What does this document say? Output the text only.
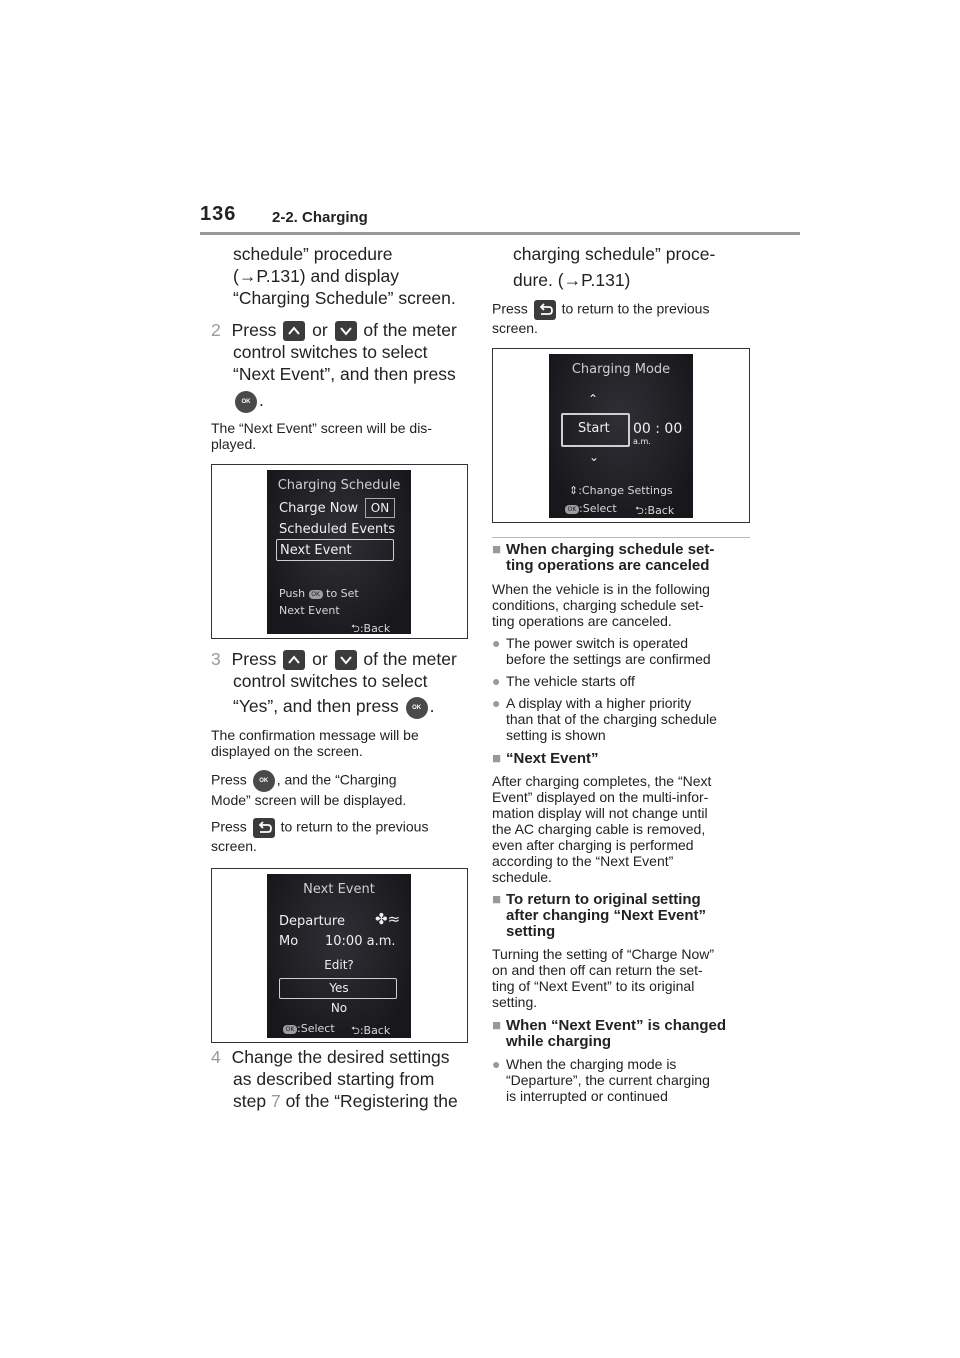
136 2-2. Charging
schedule” procedure
(→P.131) and display
“Charging Schedule” screen.
2 Press or of the meter
control switches to select
“Next Event”, and then press
OK .
The “Next Event” screen will be dis-
played.
Charging Schedule
Charge Now	ON
Scheduled Events
Next Event
Push OK to Set
Next Event
⮌:Back
3 Press or of the meter
control switches to select
“Yes”, and then press OK .
The confirmation message will be
displayed on the screen.
Press OK , and the “Charging
Mode” screen will be displayed.
Press to return to the previous
screen.
Next Event
Departure ✤≈
Mo 10:00 a.m.
Edit?
Yes
No
OK :Select ⮌:Back
4 Change the desired settings
as described starting from
step 7 of the “Registering the
charging schedule” proce-
dure. (→P.131)
Press to return to the previous
screen.
Charging Mode
⌃
Start 00 : 00
a.m.
⌄
⇕:Change Settings
OK :Select ⮌:Back
■ When charging schedule set-
ting operations are canceled
When the vehicle is in the following
conditions, charging schedule set-
ting operations are canceled.
● The power switch is operated
before the settings are confirmed
● The vehicle starts off
● A display with a higher priority
than that of the charging schedule
setting is shown
■ “Next Event”
After charging completes, the “Next
Event” displayed on the multi-infor-
mation display will not change until
the AC charging cable is removed,
even after charging is performed
according to the “Next Event”
schedule.
■ To return to original setting
after changing “Next Event”
setting
Turning the setting of “Charge Now”
on and then off can return the set-
ting of “Next Event” to its original
setting.
■ When “Next Event” is changed
while charging
● When the charging mode is
“Departure”, the current charging
is interrupted or continued
